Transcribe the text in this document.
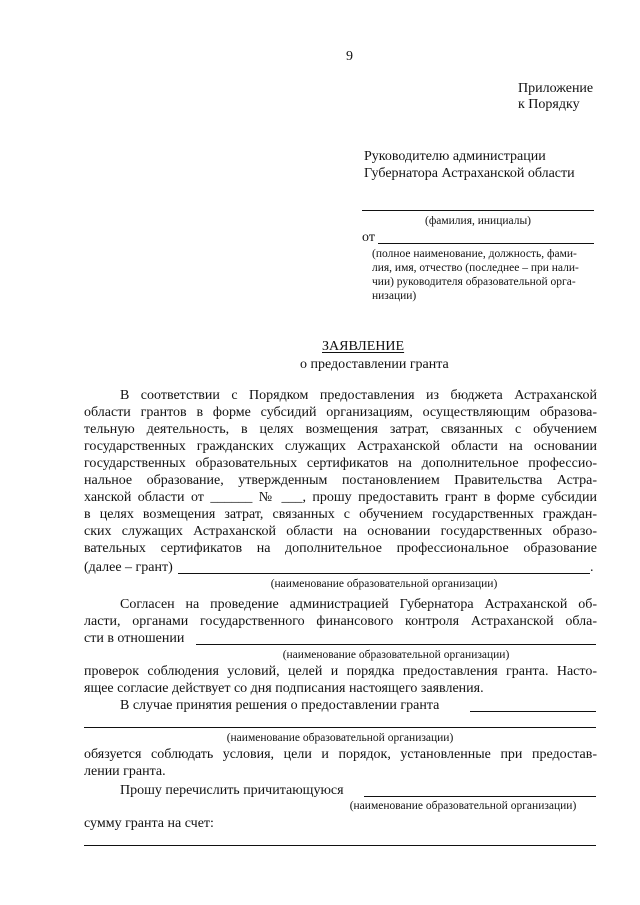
9
Приложение
к Порядку
Руководителю администрации
Губернатора Астраханской области
(фамилия, инициалы)
от
(полное наименование, должность, фами-
лия, имя, отчество (последнее – при нали-
чии) руководителя образовательной орга-
низации)
ЗАЯВЛЕНИЕ
о предоставлении гранта
В соответствии с Порядком предоставления из бюджета Астраханской
области грантов в форме субсидий организациям, осуществляющим образова-
тельную деятельность, в целях возмещения затрат, связанных с обучением
государственных гражданских служащих Астраханской области на основании
государственных образовательных сертификатов на дополнительное профессио-
нальное образование, утвержденным постановлением Правительства Астра-
ханской области от ______ № ___, прошу предоставить грант в форме субсидии
в целях возмещения затрат, связанных с обучением государственных граждан-
ских служащих Астраханской области на основании государственных образо-
вательных сертификатов на дополнительное профессиональное образование
(далее – грант)	.
(наименование образовательной организации)
Согласен на проведение администрацией Губернатора Астраханской об-
ласти, органами государственного финансового контроля Астраханской обла-
сти в отношении
(наименование образовательной организации)
проверок соблюдения условий, целей и порядка предоставления гранта. Насто-
ящее согласие действует со дня подписания настоящего заявления.
В случае принятия решения о предоставлении гранта
(наименование образовательной организации)
обязуется соблюдать условия, цели и порядок, установленные при предостав-
лении гранта.
Прошу перечислить причитающуюся
(наименование образовательной организации)
сумму гранта на счет:
